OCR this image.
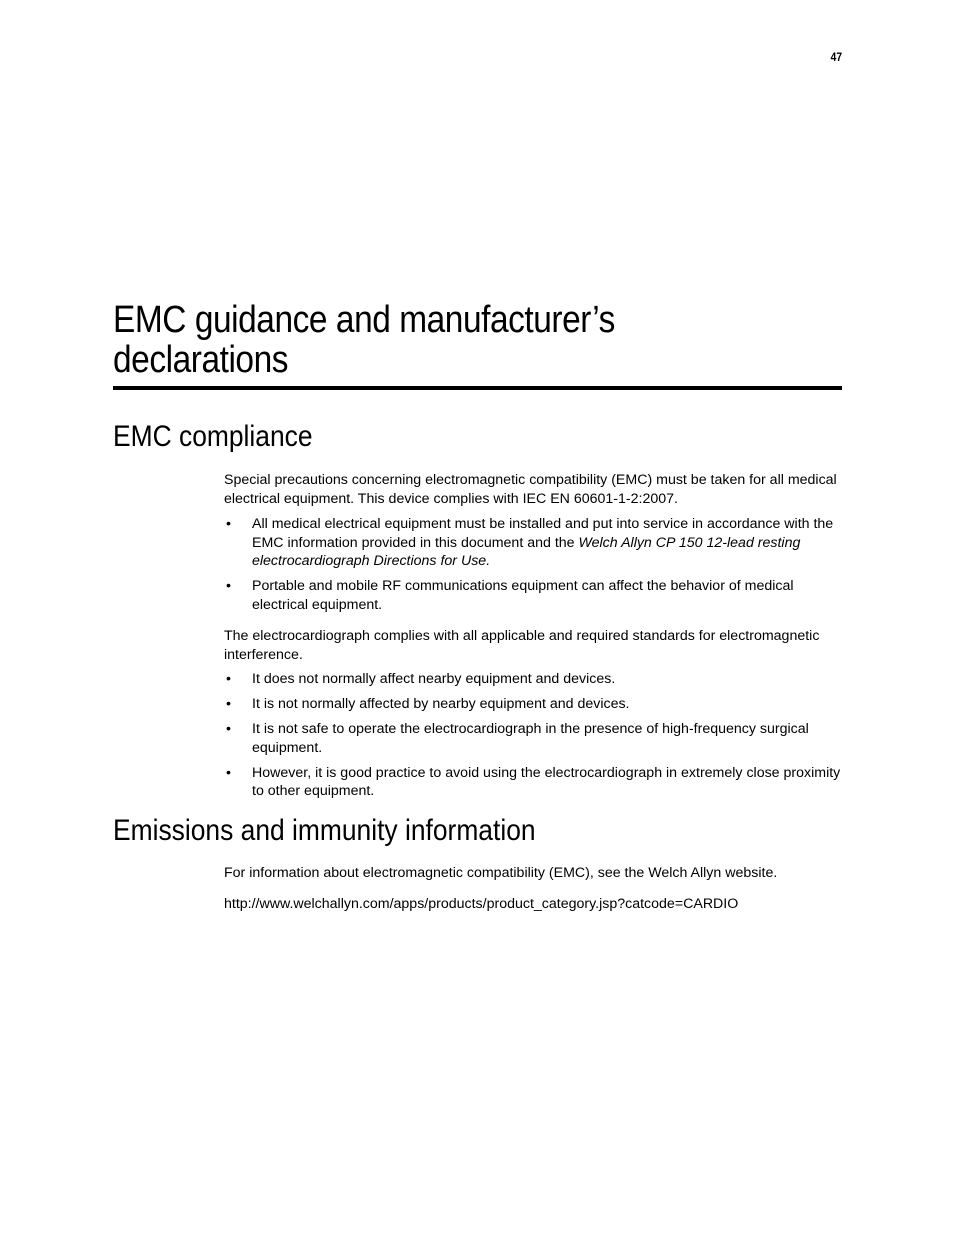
47
EMC guidance and manufacturer’s
declarations
EMC compliance

Special precautions concerning electromagnetic compatibility (EMC) must be taken for all medical electrical equipment. This device complies with IEC EN 60601-1-2:2007.

• All medical electrical equipment must be installed and put into service in accordance with the EMC information provided in this document and the Welch Allyn CP 150 12-lead resting electrocardiograph Directions for Use.
• Portable and mobile RF communications equipment can affect the behavior of medical electrical equipment.

The electrocardiograph complies with all applicable and required standards for electromagnetic interference.

• It does not normally affect nearby equipment and devices.
• It is not normally affected by nearby equipment and devices.
• It is not safe to operate the electrocardiograph in the presence of high-frequency surgical equipment.
• However, it is good practice to avoid using the electrocardiograph in extremely close proximity to other equipment.
Emissions and immunity information

For information about electromagnetic compatibility (EMC), see the Welch Allyn website.

http://www.welchallyn.com/apps/products/product_category.jsp?catcode=CARDIO
